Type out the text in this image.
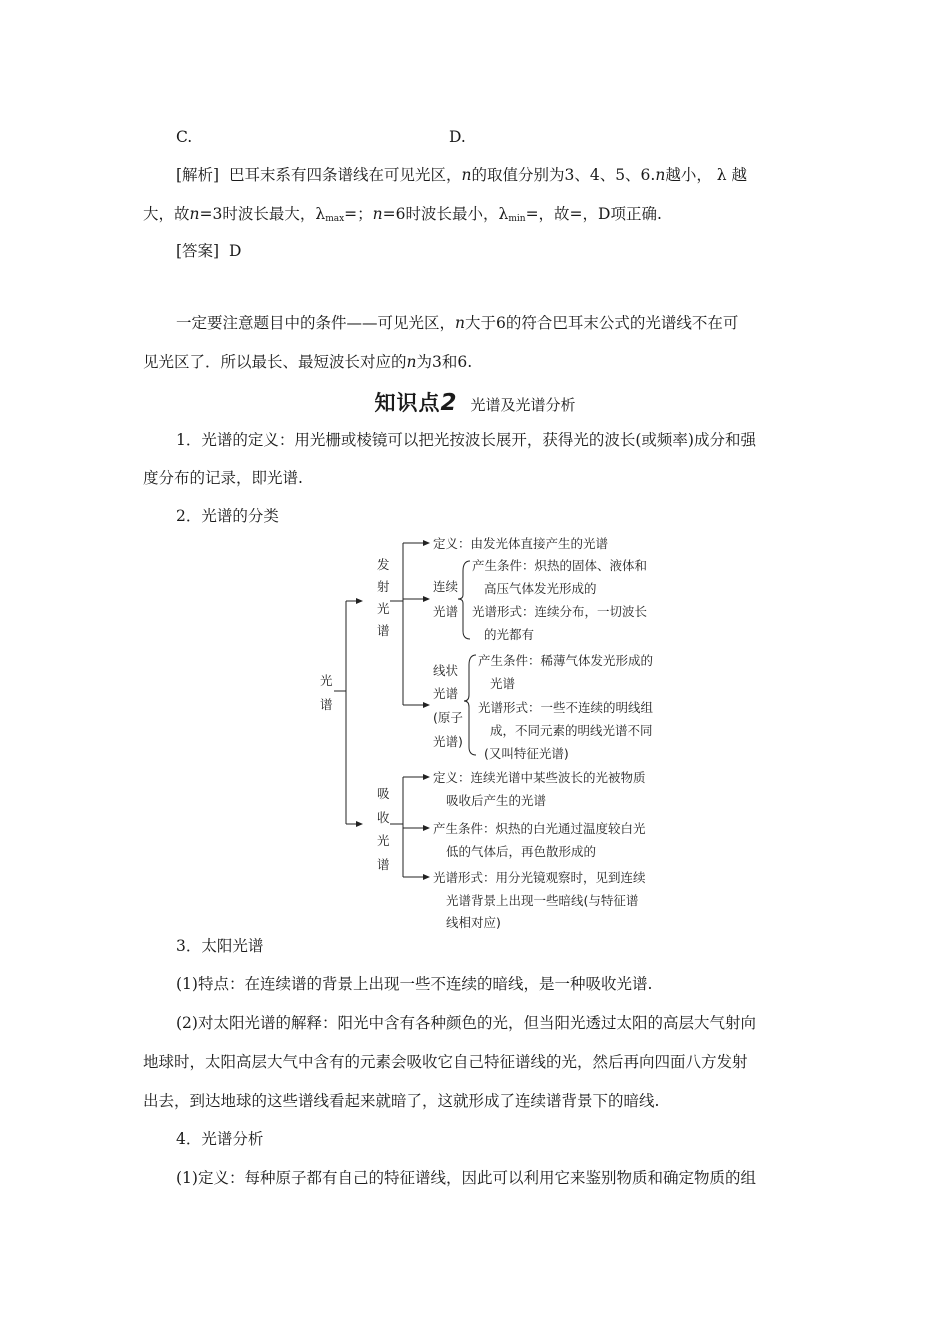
C.	D.
[解析] 巴耳末系有四条谱线在可见光区，n的取值分别为3、4、5、6.n越小， λ 越
大，故n=3时波长最大，$\lambda_{max}=$；n=6时波长最小，$\lambda_{min}=$，故=，D项正确.
[答案] D
一定要注意题目中的条件——可见光区，n大于6的符合巴耳末公式的光谱线不在可
见光区了．所以最长、最短波长对应的n为3和6.
知识点2 光谱及光谱分析
1．光谱的定义：用光栅或棱镜可以把光按波长展开，获得光的波长(或频率)成分和强
度分布的记录，即光谱.
2．光谱的分类
光
谱
发
射
光
谱
定义：由发光体直接产生的光谱
连续
光谱
产生条件：炽热的固体、液体和
高压气体发光形成的
光谱形式：连续分布，一切波长
的光都有
线状
光谱
(原子
光谱)
产生条件：稀薄气体发光形成的
光谱
光谱形式：一些不连续的明线组
成，不同元素的明线光谱不同
(又叫特征光谱)
吸
收
光
谱
定义：连续光谱中某些波长的光被物质
吸收后产生的光谱
产生条件：炽热的白光通过温度较白光
低的气体后，再色散形成的
光谱形式：用分光镜观察时，见到连续
光谱背景上出现一些暗线(与特征谱
线相对应)
3．太阳光谱
(1)特点：在连续谱的背景上出现一些不连续的暗线，是一种吸收光谱.
(2)对太阳光谱的解释：阳光中含有各种颜色的光，但当阳光透过太阳的高层大气射向
地球时，太阳高层大气中含有的元素会吸收它自己特征谱线的光，然后再向四面八方发射
出去，到达地球的这些谱线看起来就暗了，这就形成了连续谱背景下的暗线.
4．光谱分析
(1)定义：每种原子都有自己的特征谱线，因此可以利用它来鉴别物质和确定物质的组
